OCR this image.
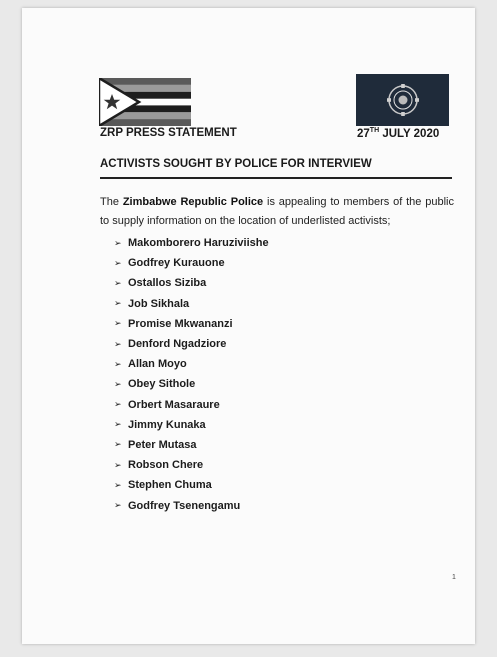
ZRP PRESS STATEMENT	27TH JULY 2020
ACTIVISTS SOUGHT BY POLICE FOR INTERVIEW
The Zimbabwe Republic Police is appealing to members of the public to supply information on the location of underlisted activists;
➢ Makomborero Haruziviishe
➢ Godfrey Kurauone
➢ Ostallos Siziba
➢ Job Sikhala
➢ Promise Mkwananzi
➢ Denford Ngadziore
➢ Allan Moyo
➢ Obey Sithole
➢ Orbert Masaraure
➢ Jimmy Kunaka
➢ Peter Mutasa
➢ Robson Chere
➢ Stephen Chuma
➢ Godfrey Tsenengamu
1
